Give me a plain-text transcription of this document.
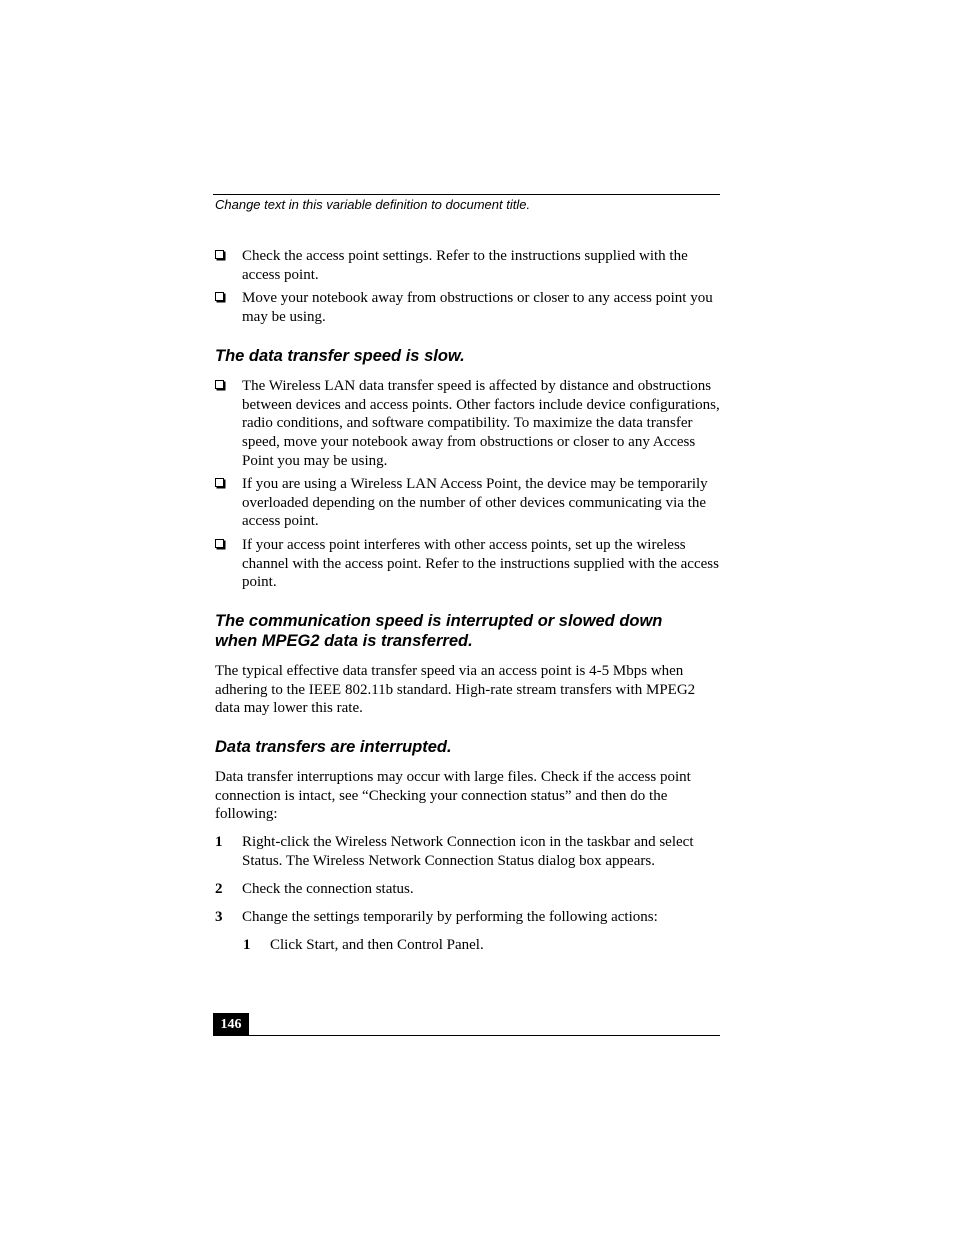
Change text in this variable definition to document title.
Check the access point settings. Refer to the instructions supplied with the access point.
Move your notebook away from obstructions or closer to any access point you may be using.
The data transfer speed is slow.
The Wireless LAN data transfer speed is affected by distance and obstructions between devices and access points. Other factors include device configurations, radio conditions, and software compatibility. To maximize the data transfer speed, move your notebook away from obstructions or closer to any Access Point you may be using.
If you are using a Wireless LAN Access Point, the device may be temporarily overloaded depending on the number of other devices communicating via the access point.
If your access point interferes with other access points, set up the wireless channel with the access point. Refer to the instructions supplied with the access point.
The communication speed is interrupted or slowed down
when MPEG2 data is transferred.
The typical effective data transfer speed via an access point is 4-5 Mbps when adhering to the IEEE 802.11b standard. High-rate stream transfers with MPEG2 data may lower this rate.
Data transfers are interrupted.
Data transfer interruptions may occur with large files. Check if the access point connection is intact, see “Checking your connection status” and then do the following:
1 Right-click the Wireless Network Connection icon in the taskbar and select Status. The Wireless Network Connection Status dialog box appears.
2 Check the connection status.
3 Change the settings temporarily by performing the following actions:
1 Click Start, and then Control Panel.
146
